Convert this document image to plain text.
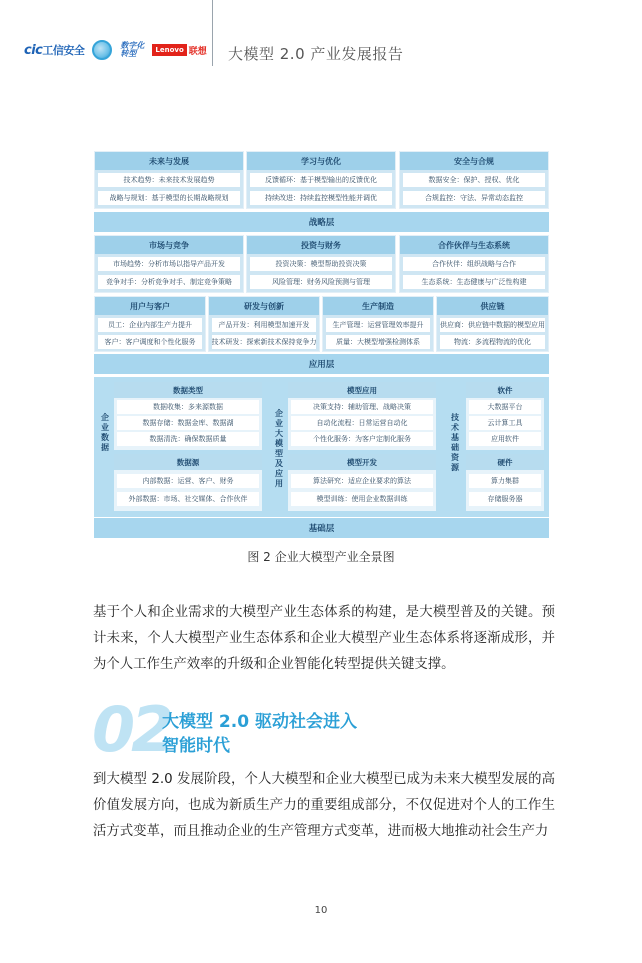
cic工信安全	数字化 转型	Lenovo 联想 大模型 2.0 产业发展报告
未来与发展
技术趋势：未来技术发展趋势
战略与规划：基于模型的长期战略规划
学习与优化
反馈循环：基于模型输出的反馈优化
持续改进：持续监控模型性能并调优
安全与合规
数据安全：保护、授权、优化
合规监控：守法、异常动态监控
战略层
市场与竞争
市场趋势：分析市场以指导产品开发
竞争对手：分析竞争对手、制定竞争策略
投资与财务
投资决策：模型帮助投资决策
风险管理：财务风险预测与管理
合作伙伴与生态系统
合作伙伴：组织战略与合作
生态系统：生态健康与广泛性构建
用户与客户
员工：企业内部生产力提升
客户：客户调度和个性化服务
研发与创新
产品开发：利用模型加速开发
技术研发：探索新技术保持竞争力
生产制造
生产管理：运营管理效率提升
质量：大模型增强检测体系
供应链
供应商：供应链中数据的模型应用
物流：多流程物流的优化
应用层
企业数据
数据类型
数据收集：多来源数据
数据存储：数据金库、数据湖
数据清洗：确保数据质量
数据源
内部数据：运营、客户、财务
外部数据：市场、社交媒体、合作伙伴
企业大模型及应用
模型应用
决策支持：辅助管理、战略决策
自动化流程：日常运营自动化
个性化服务：为客户定制化服务
模型开发
算法研究：适应企业要求的算法
模型训练：使用企业数据训练
技术基础资源
软件
大数据平台
云计算工具
应用软件
硬件
算力集群
存储服务器
基础层
图 2 企业大模型产业全景图
基于个人和企业需求的大模型产业生态体系的构建，是大模型普及的关键。预计未来，个人大模型产业生态体系和企业大模型产业生态体系将逐渐成形，并为个人工作生产效率的升级和企业智能化转型提供关键支撑。
02
大模型 2.0 驱动社会进入
智能时代
到大模型 2.0 发展阶段，个人大模型和企业大模型已成为未来大模型发展的高价值发展方向，也成为新质生产力的重要组成部分，不仅促进对个人的工作生活方式变革，而且推动企业的生产管理方式变革，进而极大地推动社会生产力
10
